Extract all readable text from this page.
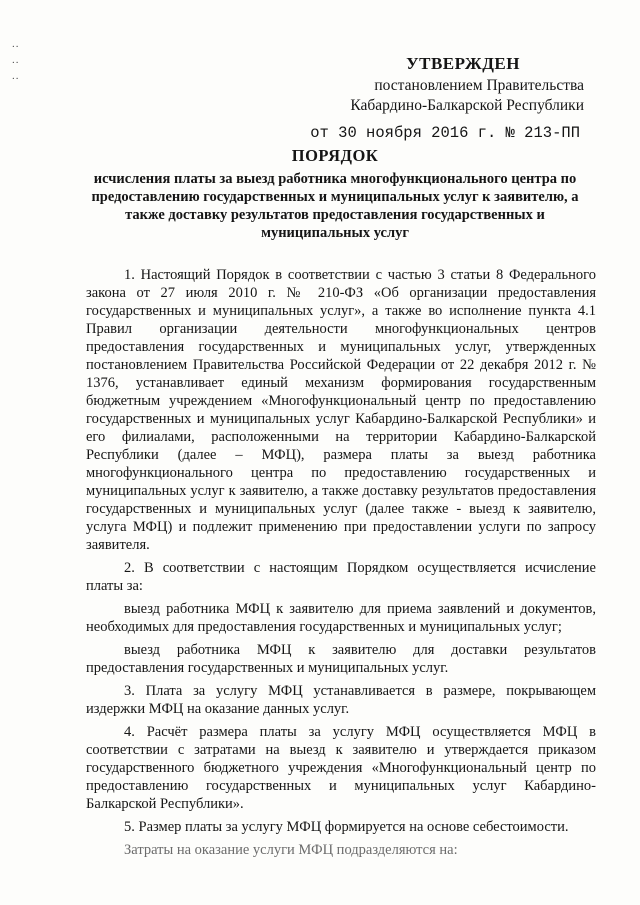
..
..
..
УТВЕРЖДЕН
постановлением Правительства
Кабардино-Балкарской Республики
от 30 ноября 2016 г. № 213-ПП
ПОРЯДОК
исчисления платы за выезд работника многофункционального центра по предоставлению государственных и муниципальных услуг к заявителю, а также доставку результатов предоставления государственных и муниципальных услуг

1. Настоящий Порядок в соответствии с частью 3 статьи 8 Федерального закона от 27 июля 2010 г. № 210-ФЗ «Об организации предоставления государственных и муниципальных услуг», а также во исполнение пункта 4.1 Правил организации деятельности многофункциональных центров предоставления государственных и муниципальных услуг, утвержденных постановлением Правительства Российской Федерации от 22 декабря 2012 г. № 1376, устанавливает единый механизм формирования государственным бюджетным учреждением «Многофункциональный центр по предоставлению государственных и муниципальных услуг Кабардино-Балкарской Республики» и его филиалами, расположенными на территории Кабардино-Балкарской Республики (далее – МФЦ), размера платы за выезд работника многофункционального центра по предоставлению государственных и муниципальных услуг к заявителю, а также доставку результатов предоставления государственных и муниципальных услуг (далее также - выезд к заявителю, услуга МФЦ) и подлежит применению при предоставлении услуги по запросу заявителя.

2. В соответствии с настоящим Порядком осуществляется исчисление платы за:

выезд работника МФЦ к заявителю для приема заявлений и документов, необходимых для предоставления государственных и муниципальных услуг;

выезд работника МФЦ к заявителю для доставки результатов предоставления государственных и муниципальных услуг.

3. Плата за услугу МФЦ устанавливается в размере, покрывающем издержки МФЦ на оказание данных услуг.

4. Расчёт размера платы за услугу МФЦ осуществляется МФЦ в соответствии с затратами на выезд к заявителю и утверждается приказом государственного бюджетного учреждения «Многофункциональный центр по предоставлению государственных и муниципальных услуг Кабардино-Балкарской Республики».

5. Размер платы за услугу МФЦ формируется на основе себестоимости.

Затраты на оказание услуги МФЦ подразделяются на:
